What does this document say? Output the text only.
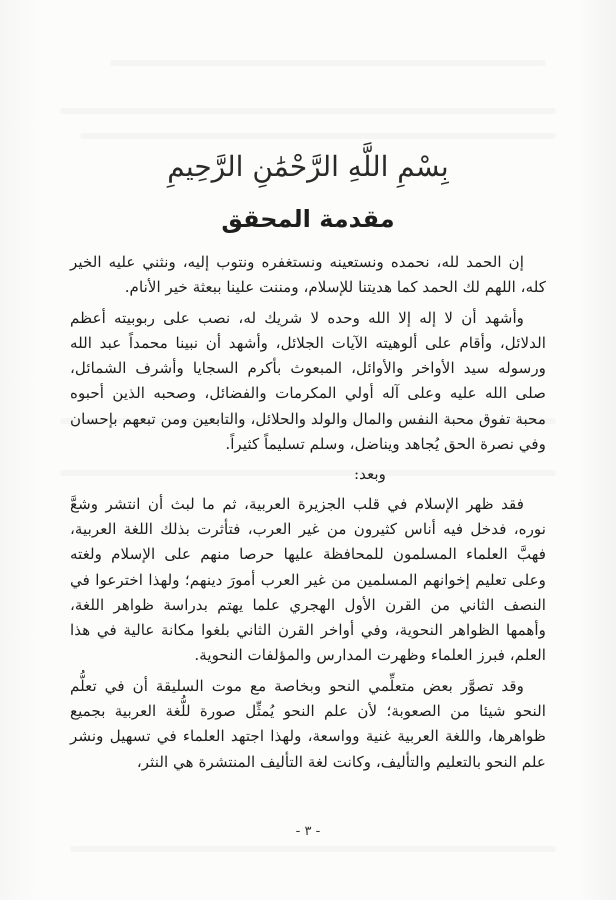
بِسْمِ اللَّهِ الرَّحْمَٰنِ الرَّحِيمِ
مقدمة المحقق

إن الحمد لله، نحمده ونستعينه ونستغفره ونتوب إليه، ونثني عليه الخير كله، اللهم لك الحمد كما هديتنا للإسلام، ومننت علينا ببعثة خير الأنام.

وأشهد أن لا إله إلا الله وحده لا شريك له، نصب على ربوبيته أعظم الدلائل، وأقام على ألوهيته الآيات الجلائل، وأشهد أن نبينا محمداً عبد الله ورسوله سيد الأواخر والأوائل، المبعوث بأكرم السجايا وأشرف الشمائل، صلى الله عليه وعلى آله أولي المكرمات والفضائل، وصحبه الذين أحبوه محبة تفوق محبة النفس والمال والولد والحلائل، والتابعين ومن تبعهم بإحسان وفي نصرة الحق يُجاهد ويناضل، وسلم تسليماً كثيراً.

وبعد:

فقد ظهر الإسلام في قلب الجزيرة العربية، ثم ما لبث أن انتشر وشعَّ نوره، فدخل فيه أناس كثيرون من غير العرب، فتأثرت بذلك اللغة العربية، فهبَّ العلماء المسلمون للمحافظة عليها حرصا منهم على الإسلام ولغته وعلى تعليم إخوانهم المسلمين من غير العرب أمورَ دينهم؛ ولهذا اخترعوا في النصف الثاني من القرن الأول الهجري علما يهتم بدراسة ظواهر اللغة، وأهمها الظواهر النحوية، وفي أواخر القرن الثاني بلغوا مكانة عالية في هذا العلم، فبرز العلماء وظهرت المدارس والمؤلفات النحوية.

وقد تصوَّر بعض متعلِّمي النحو وبخاصة مع موت السليقة أن في تعلُّم النحو شيئا من الصعوبة؛ لأن علم النحو يُمثِّل صورة للُّغة العربية بجميع ظواهرها، واللغة العربية غنية وواسعة، ولهذا اجتهد العلماء في تسهيل ونشر علم النحو بالتعليم والتأليف، وكانت لغة التأليف المنتشرة هي النثر،

- ٣ -
